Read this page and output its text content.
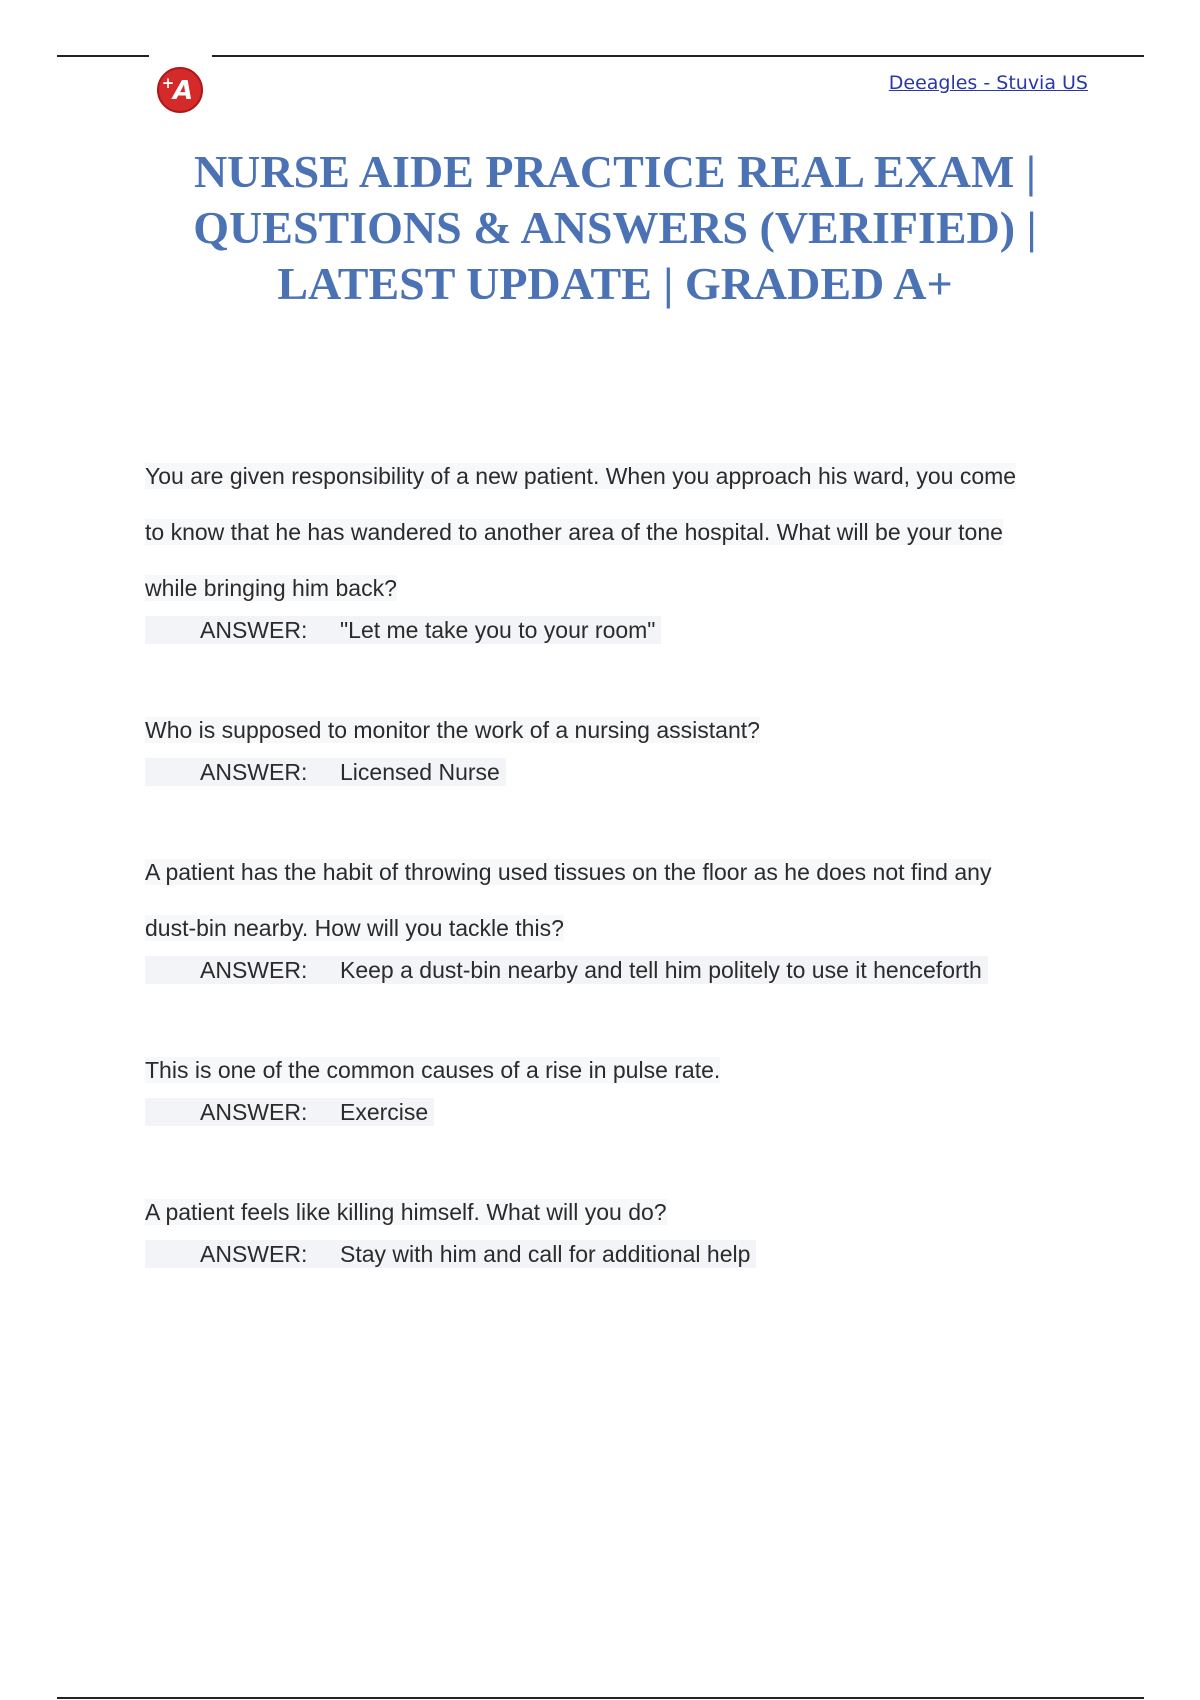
A
+	Deeagles - Stuvia US
NURSE AIDE PRACTICE REAL EXAM |
QUESTIONS & ANSWERS (VERIFIED) |
LATEST UPDATE | GRADED A+

You are given responsibility of a new patient. When you approach his ward, you come
to know that he has wandered to another area of the hospital. What will be your tone
while bringing him back?

ANSWER: "Let me take you to your room"

Who is supposed to monitor the work of a nursing assistant?

ANSWER: Licensed Nurse

A patient has the habit of throwing used tissues on the floor as he does not find any
dust-bin nearby. How will you tackle this?

ANSWER: Keep a dust-bin nearby and tell him politely to use it henceforth

This is one of the common causes of a rise in pulse rate.

ANSWER: Exercise

A patient feels like killing himself. What will you do?

ANSWER: Stay with him and call for additional help
